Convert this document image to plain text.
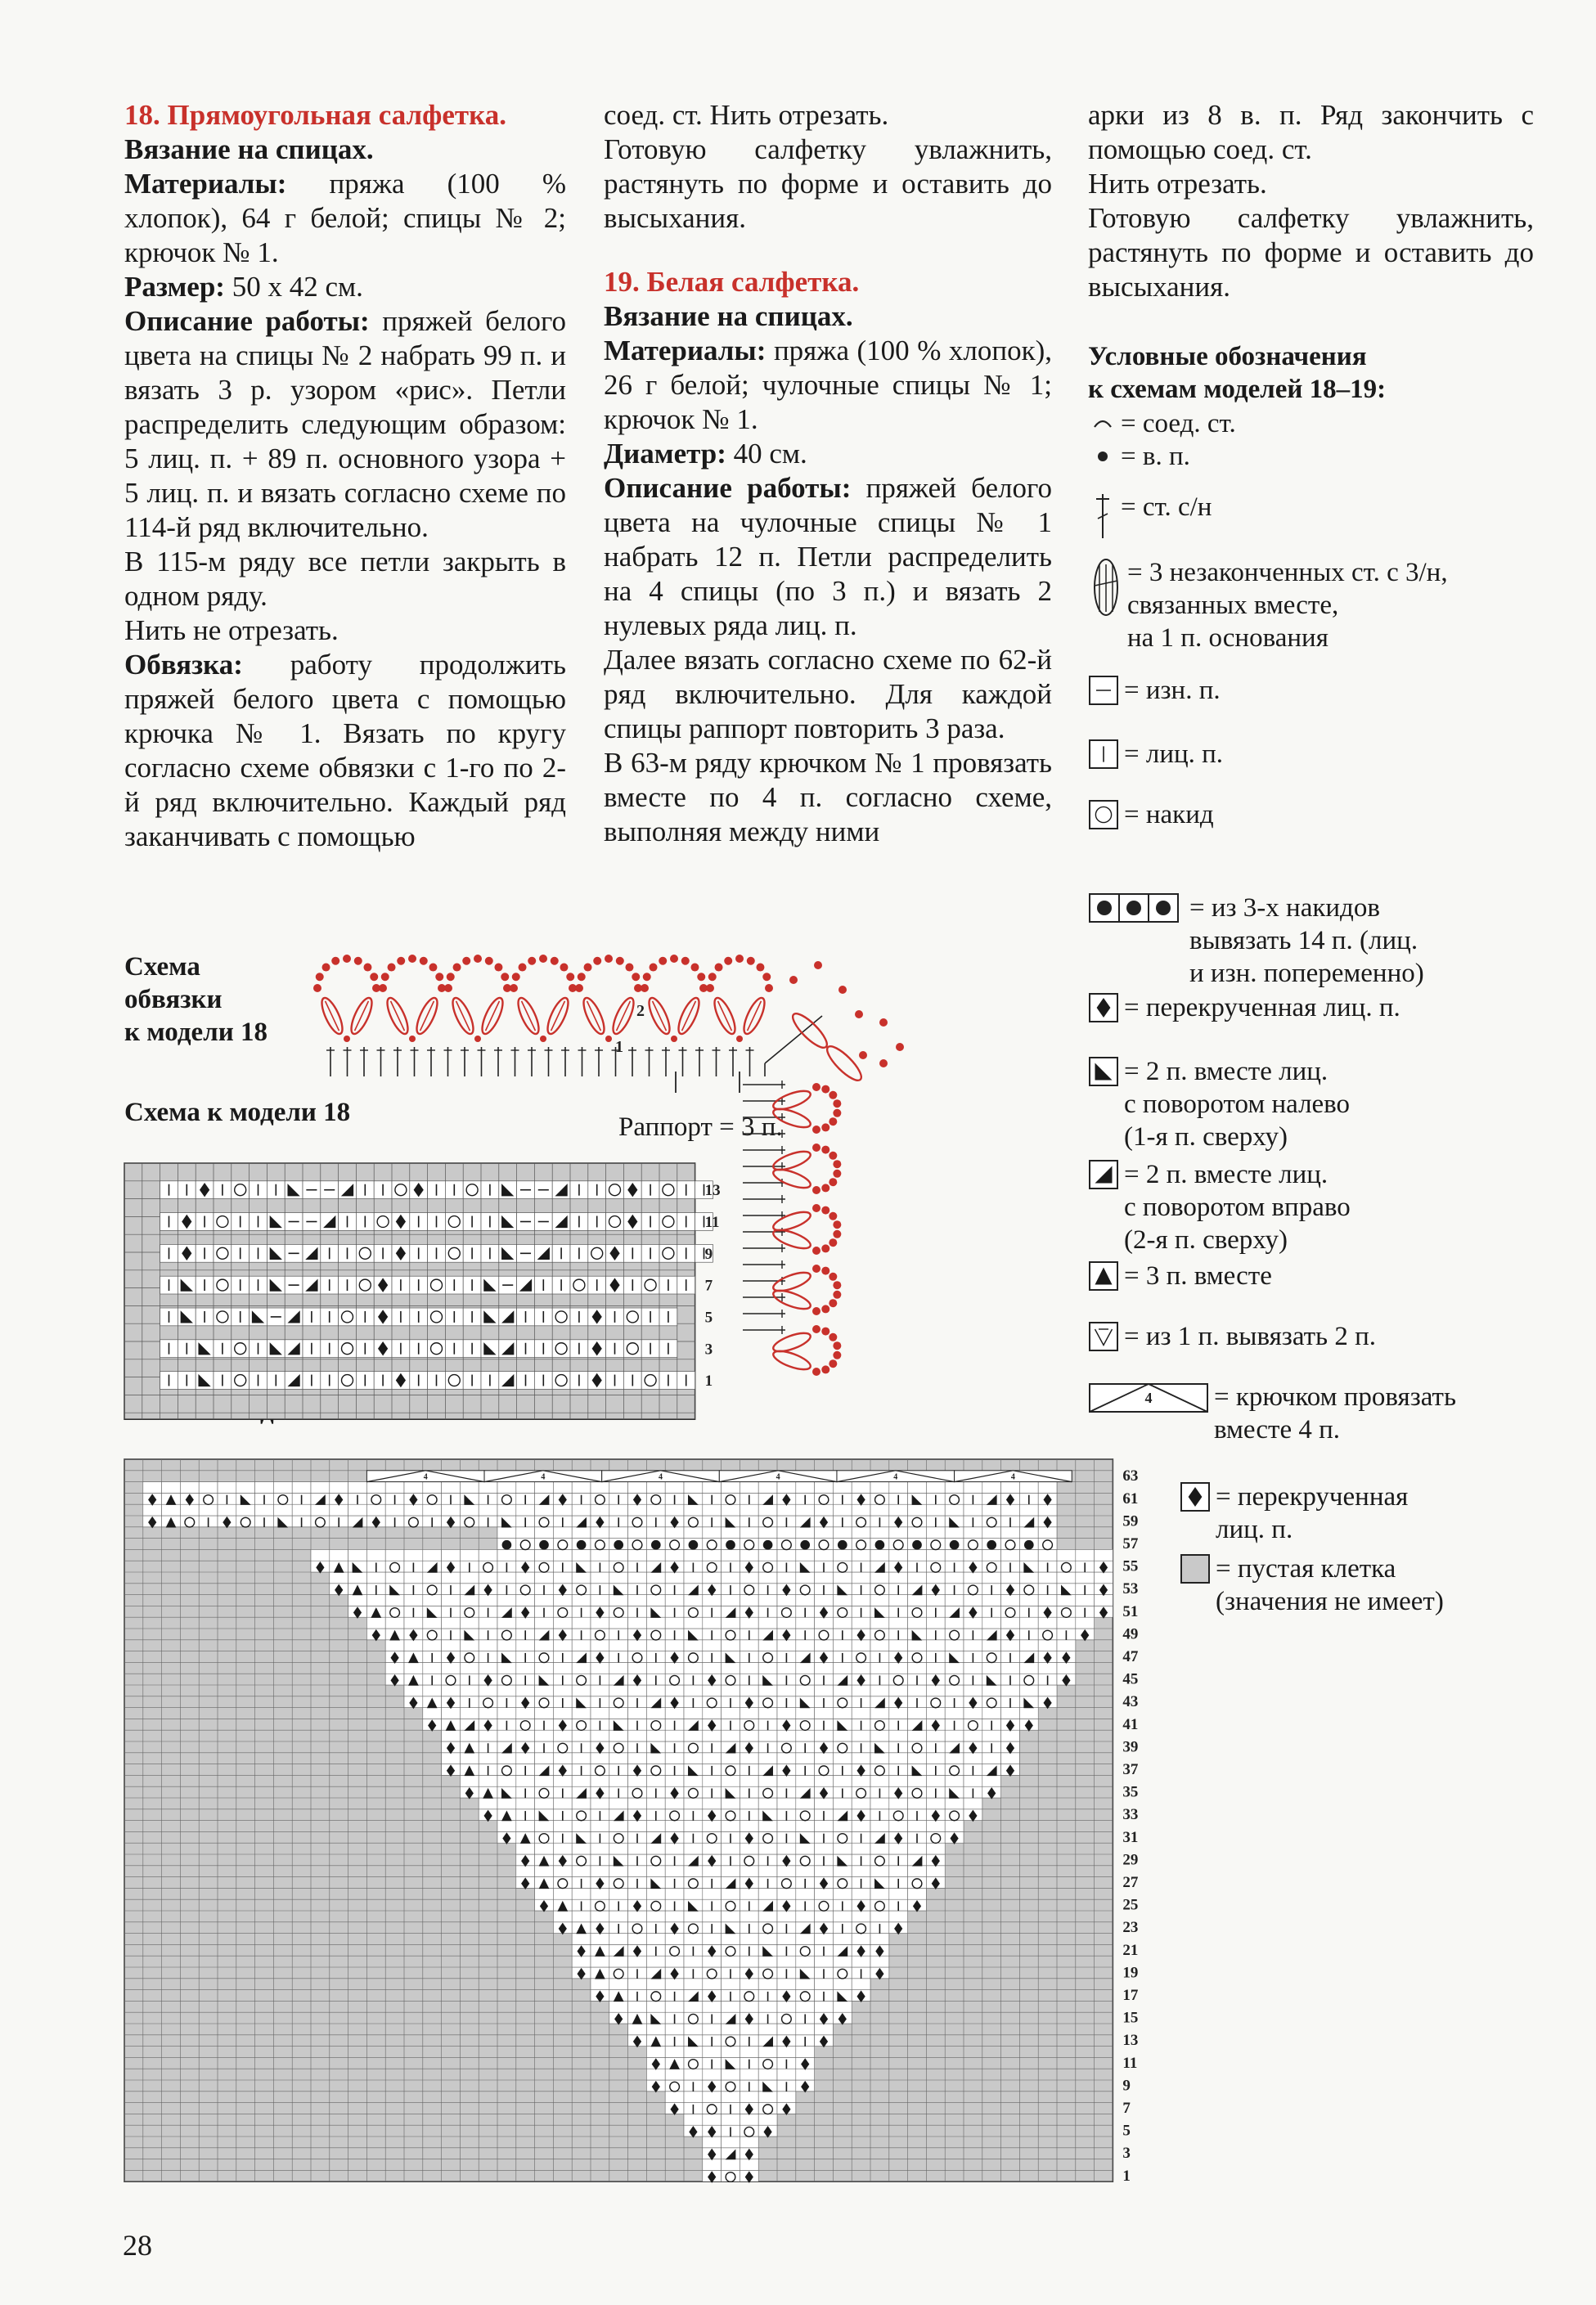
18. Прямоугольная салфетка.

Вязание на спицах.

Материалы: пряжа (100 % хлопок), 64 г белой; спицы № 2; крючок № 1.

Размер: 50 х 42 см.

Описание работы: пряжей белого цвета на спицы № 2 набрать 99 п. и вязать 3 р. узором «рис». Петли распределить следующим образом: 5 лиц. п. + 89 п. основного узора + 5 лиц. п. и вязать согласно схеме по 114-й ряд включительно.

В 115-м ряду все петли закрыть в одном ряду.

Нить не отрезать.

Обвязка: работу продолжить пряжей белого цвета с помощью крючка № 1. Вязать по кругу согласно схеме обвязки с 1-го по 2-й ряд включительно. Каждый ряд заканчивать с помощью

соед. ст. Нить отрезать.

Готовую салфетку увлажнить, растянуть по форме и оставить до высыхания.

19. Белая салфетка.

Вязание на спицах.

Материалы: пряжа (100 % хлопок), 26 г белой; чулочные спицы № 1; крючок № 1.

Диаметр: 40 см.

Описание работы: пряжей белого цвета на чулочные спицы № 1 набрать 12 п. Петли распределить на 4 спицы (по 3 п.) и вязать 2 нулевых ряда лиц. п.

Далее вязать согласно схеме по 62-й ряд включительно. Для каждой спицы раппорт повторить 3 раза.

В 63-м ряду крючком № 1 провязать вместе по 4 п. согласно схеме, выполняя между ними

арки из 8 в. п. Ряд закончить с помощью соед. ст.

Нить отрезать.

Готовую салфетку увлажнить, растянуть по форме и оставить до высыхания.

Условные обозначения
к схемам моделей 18–19:
= соед. ст.
= в. п.
= ст. с/н
= 3 незаконченных ст. с 3/н,
связанных вместе,
на 1 п. основания
= изн. п.
= лиц. п.
= накид
= из 3-х накидов
вывязать 14 п. (лиц.
и изн. попеременно)
= перекрученная лиц. п.
= 2 п. вместе лиц.
с поворотом налево
(1-я п. сверху)
= 2 п. вместе лиц.
с поворотом вправо
(2-я п. сверху)
= 3 п. вместе
= из 1 п. вывязать 2 п.
4 = крючком провязать
вместе 4 п.
= перекрученная
лиц. п.
= пустая клетка
(значения не имеет)
Схема
обвязки
к модели 18
Схема к модели 18	Раппорт = 3 п.
28
1
2
13
11
9
7
5
3
1
4	4	4	4	4	4	63
61
59
57
55
53
51
49
47
45
43
41
39
37
35
33
31
29
27
25
23
21
19
17
15
13
11
9
7
5
3
1
